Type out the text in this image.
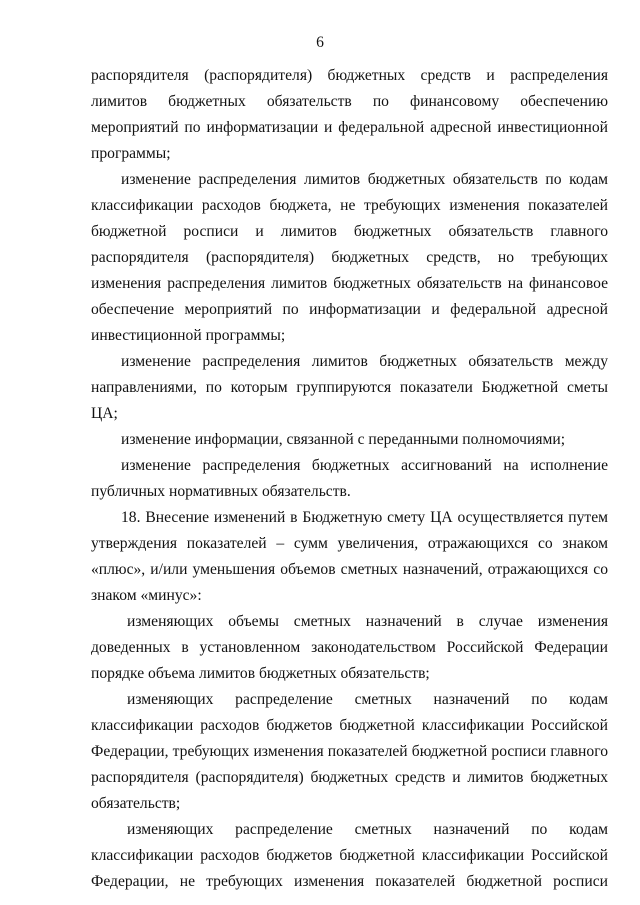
6

распорядителя (распорядителя) бюджетных средств и распределения лимитов бюджетных обязательств по финансовому обеспечению мероприятий по информатизации и федеральной адресной инвестиционной программы;

изменение распределения лимитов бюджетных обязательств по кодам классификации расходов бюджета, не требующих изменения показателей бюджетной росписи и лимитов бюджетных обязательств главного распорядителя (распорядителя) бюджетных средств, но требующих изменения распределения лимитов бюджетных обязательств на финансовое обеспечение мероприятий по информатизации и федеральной адресной инвестиционной программы;

изменение распределения лимитов бюджетных обязательств между направлениями, по которым группируются показатели Бюджетной сметы ЦА;

изменение информации, связанной с переданными полномочиями;

изменение распределения бюджетных ассигнований на исполнение публичных нормативных обязательств.

18. Внесение изменений в Бюджетную смету ЦА осуществляется путем утверждения показателей – сумм увеличения, отражающихся со знаком «плюс», и/или уменьшения объемов сметных назначений, отражающихся со знаком «минус»:

изменяющих объемы сметных назначений в случае изменения доведенных в установленном законодательством Российской Федерации порядке объема лимитов бюджетных обязательств;

изменяющих распределение сметных назначений по кодам классификации расходов бюджетов бюджетной классификации Российской Федерации, требующих изменения показателей бюджетной росписи главного распорядителя (распорядителя) бюджетных средств и лимитов бюджетных обязательств;

изменяющих распределение сметных назначений по кодам классификации расходов бюджетов бюджетной классификации Российской Федерации, не требующих изменения показателей бюджетной росписи
